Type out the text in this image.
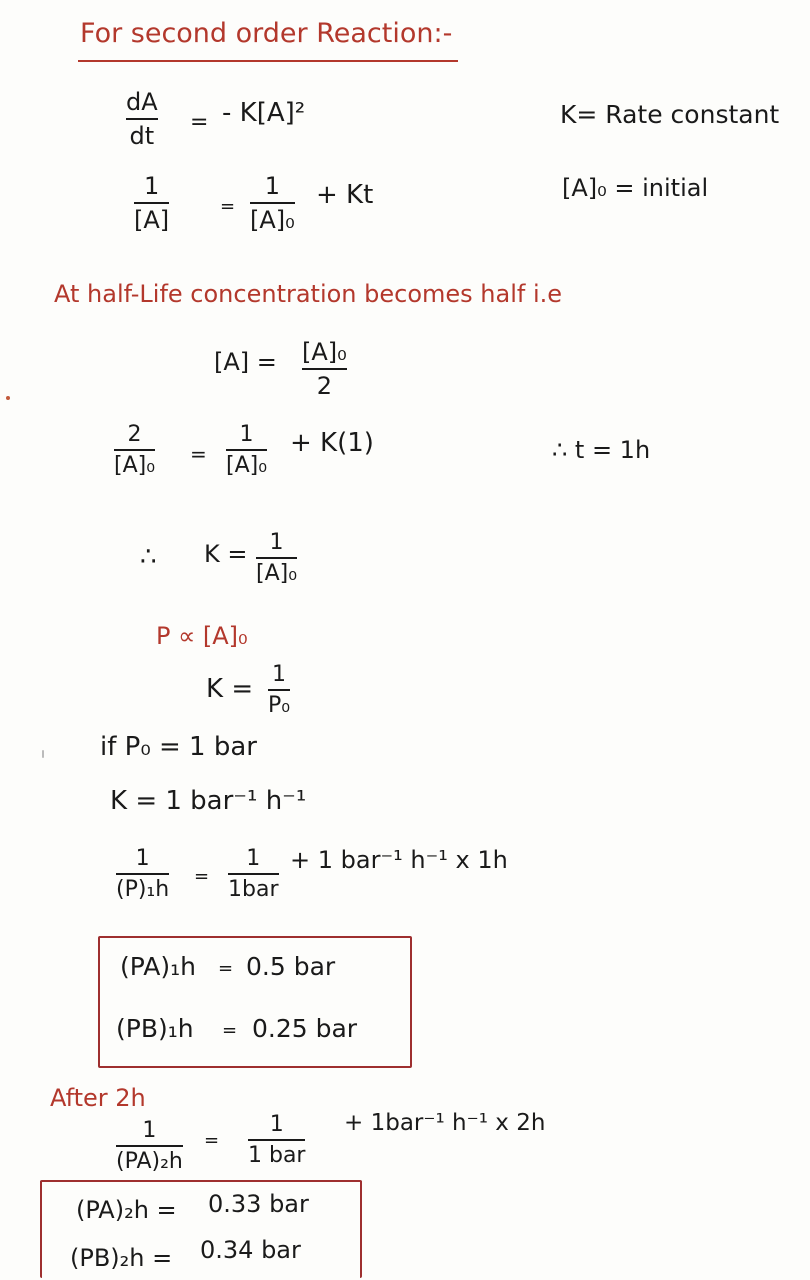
For second order Reaction:-
dA
dt = - K[A]²	K= Rate constant
1
[A]	=
1
[A]₀
+ Kt	[A]₀ = initial
At half-Life concentration becomes half i.e
[A] = [A]₀
2
2
[A]₀ =
1
[A]₀
+ K(1)	∴ t = 1h
∴ K = 1
[A]₀
P ∝ [A]₀
K = 1
P₀
if P₀ = 1 bar
K = 1 bar⁻¹ h⁻¹
1
(P)₁h
=
1
1bar
+ 1 bar⁻¹ h⁻¹ x 1h
(PA)₁h = 0.5 bar
(PB)₁h = 0.25 bar
After 2h
1
(PA)₂h
=
1
1 bar
+ 1bar⁻¹ h⁻¹ x 2h
(PA)₂h = 0.33 bar
(PB)₂h = 0.34 bar
